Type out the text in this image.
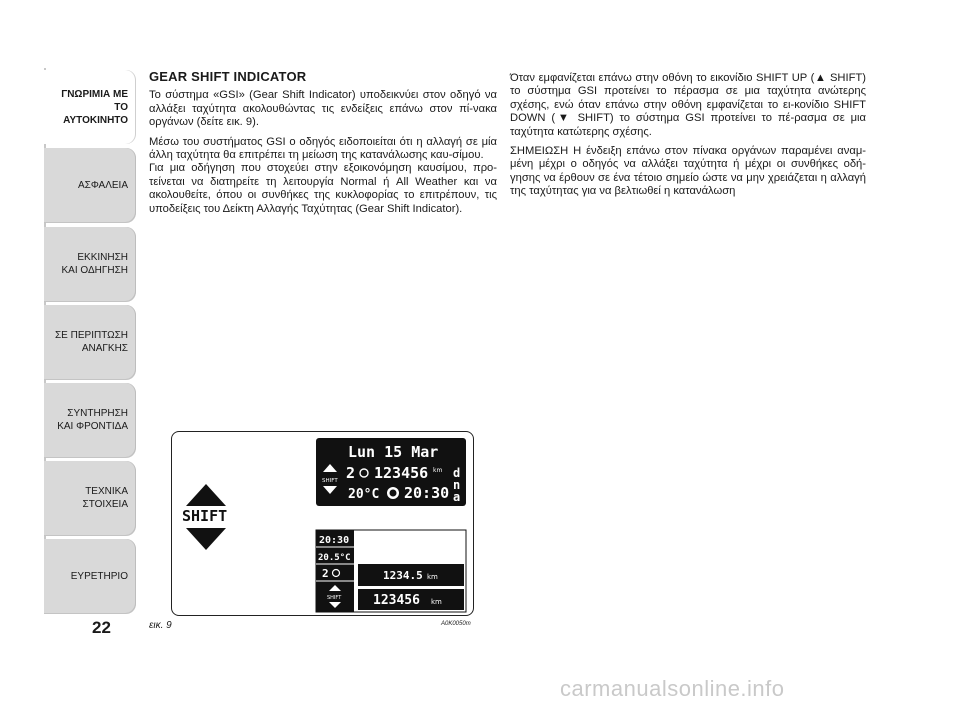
ΓΝΩΡΙΜΙΑ ΜΕ ΤΟ
ΑΥΤΟΚΙΝΗΤΟ
ΑΣΦΑΛΕΙΑ
ΕΚΚΙΝΗΣΗ
ΚΑΙ ΟΔΗΓΗΣΗ
ΣΕ ΠΕΡΙΠΤΩΣΗ
ΑΝΑΓΚΗΣ
ΣΥΝΤΗΡΗΣΗ
ΚΑΙ ΦΡΟΝΤΙΔΑ
ΤΕΧΝΙΚΑ
ΣΤΟΙΧΕΙΑ
ΕΥΡΕΤΗΡΙΟ
22
GEAR SHIFT INDICATOR

Το σύστημα «GSI» (Gear Shift Indicator) υποδεικνύει στον οδηγό να αλλάξει ταχύτητα ακολουθώντας τις ενδείξεις επάνω στον πί-νακα οργάνων (δείτε εικ. 9).

Μέσω του συστήματος GSI ο οδηγός ειδοποιείται ότι η αλλαγή σε μία άλλη ταχύτητα θα επιτρέπει τη μείωση της κατανάλωσης καυ-σίμου.

Για μια οδήγηση που στοχεύει στην εξοικονόμηση καυσίμου, προ-τείνεται να διατηρείτε τη λειτουργία Normal ή All Weather και να ακολουθείτε, όπου οι συνθήκες της κυκλοφορίας το επιτρέπουν, τις υποδείξεις του Δείκτη Αλλαγής Ταχύτητας (Gear Shift Indicator).

Όταν εμφανίζεται επάνω στην οθόνη το εικονίδιο SHIFT UP (▲ SHIFT) το σύστημα GSI προτείνει το πέρασμα σε μια ταχύτητα ανώτερης σχέσης, ενώ όταν επάνω στην οθόνη εμφανίζεται το ει-κονίδιο SHIFT DOWN (▼ SHIFT) το σύστημα GSI προτείνει το πέ-ρασμα σε μια ταχύτητα κατώτερης σχέσης.

ΣΗΜΕΙΩΣΗ Η ένδειξη επάνω στον πίνακα οργάνων παραμένει αναμ-μένη μέχρι ο οδηγός να αλλάξει ταχύτητα ή μέχρι οι συνθήκες οδή-γησης να έρθουν σε ένα τέτοιο σημείο ώστε να μην χρειάζεται η αλλαγή της ταχύτητας για να βελτιωθεί η κατανάλωση

SHIFT
Lun 15 Mar
SHIFT 2 123456 km
20°C 20:30
d
n
a
20:30
20.5°C
2
SHIFT
1234.5 km
123456 km
εικ. 9	A0K0050m
carmanualsonline.info
